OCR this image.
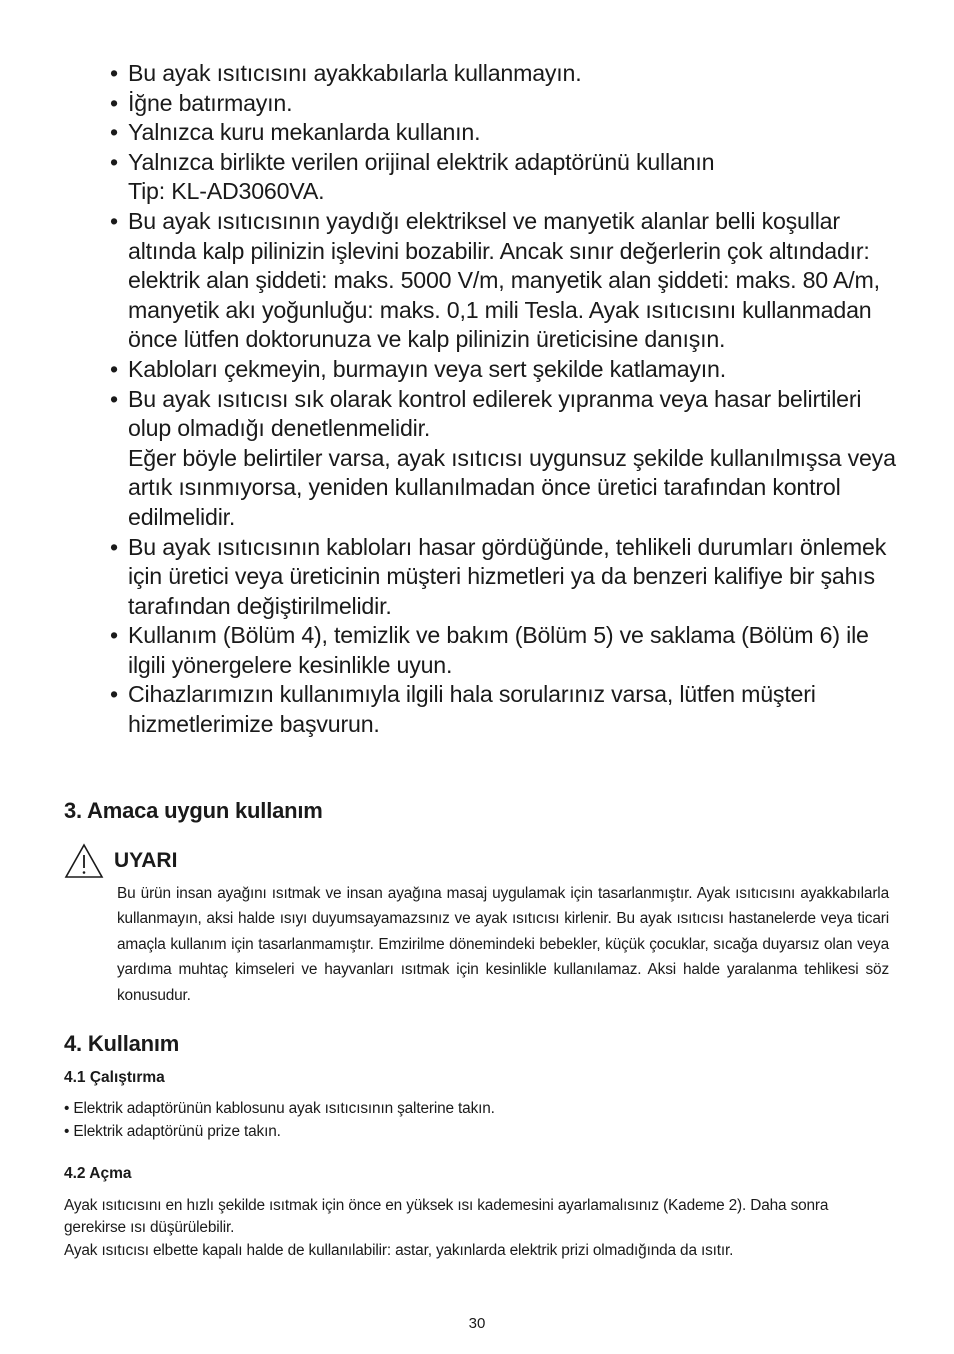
• Bu ayak ısıtıcısını ayakkabılarla kullanmayın.

• İğne batırmayın.

• Yalnızca kuru mekanlarda kullanın.

• Yalnızca birlikte verilen orijinal elektrik adaptörünü kullanın

Tip: KL-AD3060VA.

• Bu ayak ısıtıcısının yaydığı elektriksel ve manyetik alanlar belli koşullar altında kalp pilinizin işlevini bozabilir. Ancak sınır değerlerin çok altındadır: elektrik alan şiddeti: maks. 5000 V/m, manyetik alan şiddeti: maks. 80 A/m, manyetik akı yoğunluğu: maks. 0,1 mili Tesla. Ayak ısıtıcısını kullanmadan önce lütfen doktorunuza ve kalp pilinizin üreticisine danışın.

• Kabloları çekmeyin, burmayın veya sert şekilde katlamayın.

• Bu ayak ısıtıcısı sık olarak kontrol edilerek yıpranma veya hasar belirtileri olup olmadığı denetlenmelidir.

Eğer böyle belirtiler varsa, ayak ısıtıcısı uygunsuz şekilde kullanılmışsa veya artık ısınmıyorsa, yeniden kullanılmadan önce üretici tarafından kontrol edilmelidir.

• Bu ayak ısıtıcısının kabloları hasar gördüğünde, tehlikeli durumları önlemek için üretici veya üreticinin müşteri hizmetleri ya da benzeri kalifiye bir şahıs tarafından değiştirilmelidir.

• Kullanım (Bölüm 4), temizlik ve bakım (Bölüm 5) ve saklama (Bölüm 6) ile ilgili yönergelere kesinlikle uyun.

• Cihazlarımızın kullanımıyla ilgili hala sorularınız varsa, lütfen müşteri hizmetlerimize başvurun.

3. Amaca uygun kullanım
UYARI

Bu ürün insan ayağını ısıtmak ve insan ayağına masaj uygulamak için tasarlanmıştır. Ayak ısıtıcısını ayakkabılarla kullanmayın, aksi halde ısıyı duyumsayamazsınız ve ayak ısıtıcısı kirlenir. Bu ayak ısıtıcısı hastanelerde veya ticari amaçla kullanım için tasarlanmamıştır. Emzirilme dönemindeki bebekler, küçük çocuklar, sıcağa duyarsız olan veya yardıma muhtaç kimseleri ve hayvanları ısıtmak için kesinlikle kullanılamaz. Aksi halde yaralanma tehlikesi söz konusudur.

4. Kullanım
4.1 Çalıştırma
• Elektrik adaptörünün kablosunu ayak ısıtıcısının şalterine takın.
• Elektrik adaptörünü prize takın.
4.2 Açma

Ayak ısıtıcısını en hızlı şekilde ısıtmak için önce en yüksek ısı kademesini ayarlamalısınız (Kademe 2). Daha sonra gerekirse ısı düşürülebilir.

Ayak ısıtıcısı elbette kapalı halde de kullanılabilir: astar, yakınlarda elektrik prizi olmadığında da ısıtır.

30
